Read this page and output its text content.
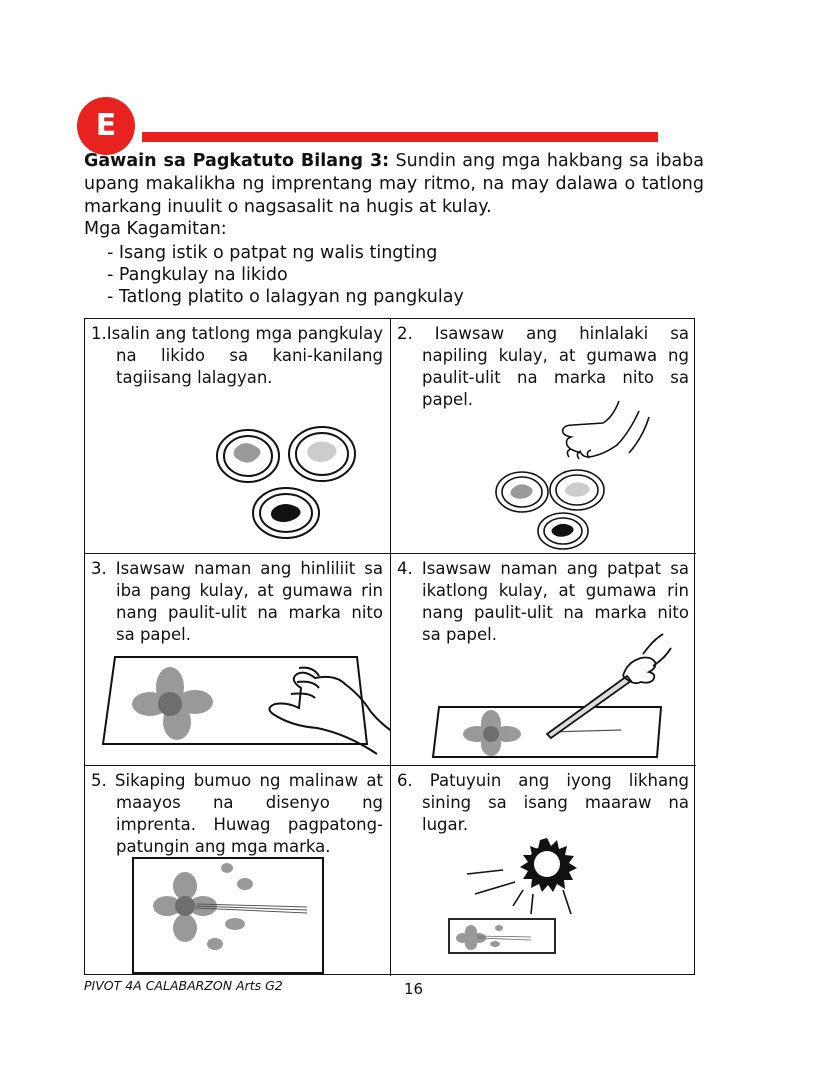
E
Gawain sa Pagkatuto Bilang 3: Sundin ang mga hakbang sa ibaba upang makalikha ng imprentang may ritmo, na may dalawa o tatlong markang inuulit o nagsasalit na hugis at kulay.
Mga Kagamitan:
- Isang istik o patpat ng walis tingting
- Pangkulay na likido
- Tatlong platito o lalagyan ng pangkulay
1.Isalin ang tatlong mga pangkulay na likido sa kani-kanilang tagiisang lalagyan.
2. Isawsaw ang hinlalaki sa napiling kulay, at gumawa ng paulit-ulit na marka nito sa papel.
3. Isawsaw naman ang hinliliit sa iba pang kulay, at gumawa rin nang paulit-ulit na marka nito sa papel.
4. Isawsaw naman ang patpat sa ikatlong kulay, at gumawa rin nang paulit-ulit na marka nito sa papel.
5. Sikaping bumuo ng malinaw at maayos na disenyo ng imprenta. Huwag pagpatong-patungin ang mga marka.
6. Patuyuin ang iyong likhang sining sa isang maaraw na lugar.
PIVOT 4A CALABARZON Arts G2	16
